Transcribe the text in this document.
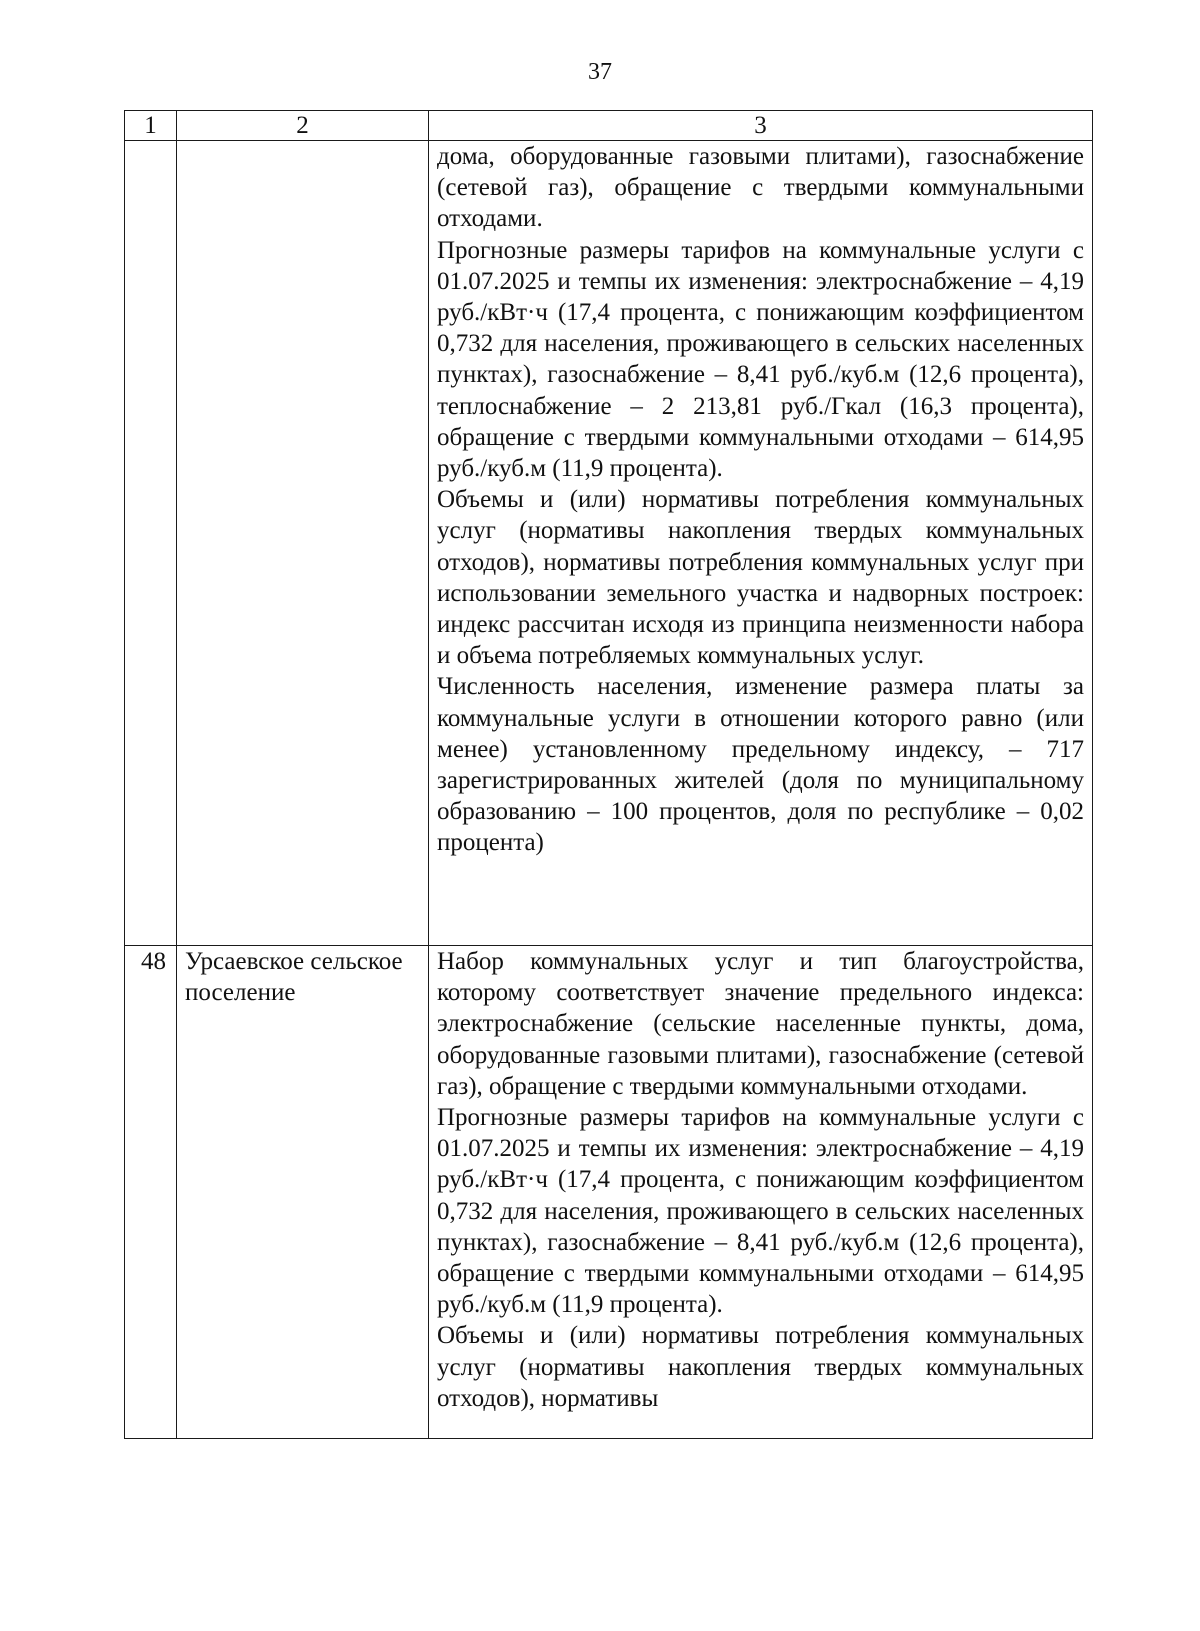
37
1	2	3

		дома, оборудованные газовыми плитами), газоснабжение (сетевой газ), обращение с твердыми коммунальными отходами.

Прогнозные размеры тарифов на коммунальные услуги с 01.07.2025 и темпы их изменения: электроснабжение – 4,19 руб./кВт·ч (17,4 процента, с понижающим коэффициентом 0,732 для населения, проживающего в сельских населенных пунктах), газоснабжение – 8,41 руб./куб.м (12,6 процента), теплоснабжение – 2 213,81 руб./Гкал (16,3 процента), обращение с твердыми коммунальными отходами – 614,95 руб./куб.м (11,9 процента).

Объемы и (или) нормативы потребления коммунальных услуг (нормативы накопления твердых коммунальных отходов), нормативы потребления коммунальных услуг при использовании земельного участка и надворных построек: индекс рассчитан исходя из принципа неизменности набора и объема потребляемых коммунальных услуг.

Численность населения, изменение размера платы за коммунальные услуги в отношении которого равно (или менее) установленному предельному индексу, – 717 зарегистрированных жителей (доля по муниципальному образованию – 100 процентов, доля по республике – 0,02 процента)

48	Урсаевское сельское поселение	Набор коммунальных услуг и тип благоустройства, которому соответствует значение предельного индекса: электроснабжение (сельские населенные пункты, дома, оборудованные газовыми плитами), газоснабжение (сетевой газ), обращение с твердыми коммунальными отходами.

Прогнозные размеры тарифов на коммунальные услуги с 01.07.2025 и темпы их изменения: электроснабжение – 4,19 руб./кВт·ч (17,4 процента, с понижающим коэффициентом 0,732 для населения, проживающего в сельских населенных пунктах), газоснабжение – 8,41 руб./куб.м (12,6 процента), обращение с твердыми коммунальными отходами – 614,95 руб./куб.м (11,9 процента).

Объемы и (или) нормативы потребления коммунальных услуг (нормативы накопления твердых коммунальных отходов), нормативы
